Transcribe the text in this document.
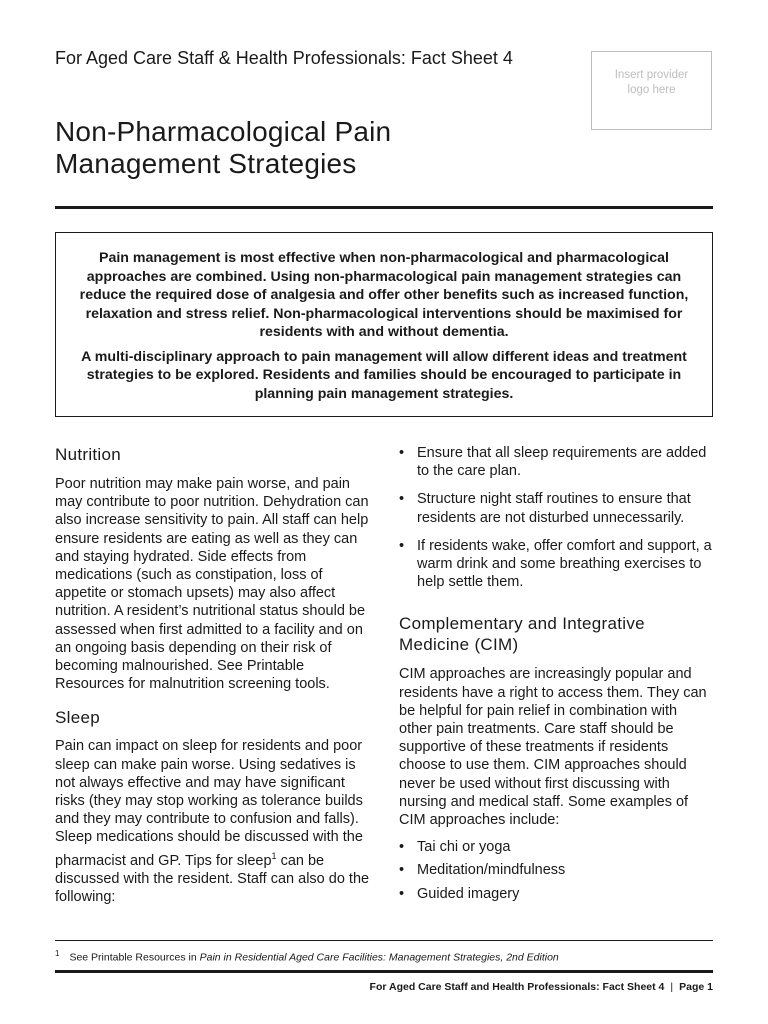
For Aged Care Staff & Health Professionals: Fact Sheet 4
Non-Pharmacological Pain
Management Strategies
Insert provider
logo here

Pain management is most effective when non-pharmacological and pharmacological approaches are combined. Using non-pharmacological pain management strategies can reduce the required dose of analgesia and offer other benefits such as increased function, relaxation and stress relief. Non-pharmacological interventions should be maximised for residents with and without dementia.

A multi-disciplinary approach to pain management will allow different ideas and treatment strategies to be explored. Residents and families should be encouraged to participate in planning pain management strategies.

Nutrition

Poor nutrition may make pain worse, and pain may contribute to poor nutrition. Dehydration can also increase sensitivity to pain. All staff can help ensure residents are eating as well as they can and staying hydrated. Side effects from medications (such as constipation, loss of appetite or stomach upsets) may also affect nutrition. A resident’s nutritional status should be assessed when first admitted to a facility and on an ongoing basis depending on their risk of becoming malnourished. See Printable Resources for malnutrition screening tools.

Sleep

Pain can impact on sleep for residents and poor sleep can make pain worse. Using sedatives is not always effective and may have significant risks (they may stop working as tolerance builds and they may contribute to confusion and falls). Sleep medications should be discussed with the pharmacist and GP. Tips for sleep$^1$ can be discussed with the resident. Staff can also do the following:

• Ensure that all sleep requirements are added to the care plan.
• Structure night staff routines to ensure that residents are not disturbed unnecessarily.
• If residents wake, offer comfort and support, a warm drink and some breathing exercises to help settle them.
Complementary and Integrative
Medicine (CIM)

CIM approaches are increasingly popular and residents have a right to access them. They can be helpful for pain relief in combination with other pain treatments. Care staff should be supportive of these treatments if residents choose to use them. CIM approaches should never be used without first discussing with nursing and medical staff. Some examples of CIM approaches include:

• Tai chi or yoga
• Meditation/mindfulness
• Guided imagery
$^1$ See Printable Resources in Pain in Residential Aged Care Facilities: Management Strategies, 2nd Edition
For Aged Care Staff and Health Professionals: Fact Sheet 4 | Page 1
